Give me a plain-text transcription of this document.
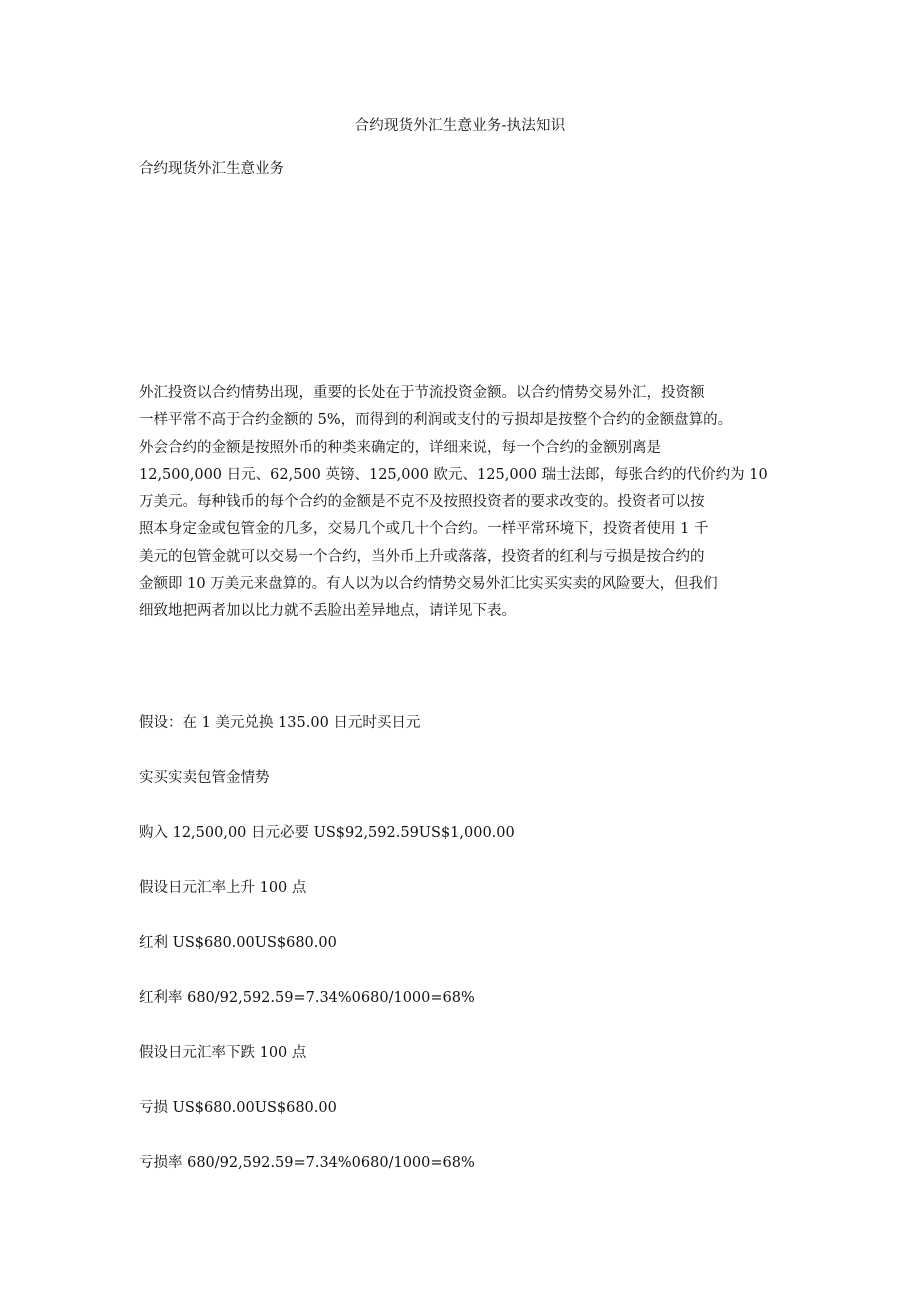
合约现货外汇生意业务-执法知识
合约现货外汇生意业务
外汇投资以合约情势出现，重要的长处在于节流投资金额。以合约情势交易外汇，投资额
一样平常不高于合约金额的 5%，而得到的利润或支付的亏损却是按整个合约的金额盘算的。
外会合约的金额是按照外币的种类来确定的，详细来说，每一个合约的金额别离是
12,500,000 日元、62,500 英镑、125,000 欧元、125,000 瑞士法郎，每张合约的代价约为 10
万美元。每种钱币的每个合约的金额是不克不及按照投资者的要求改变的。投资者可以按
照本身定金或包管金的几多，交易几个或几十个合约。一样平常环境下，投资者使用 1 千
美元的包管金就可以交易一个合约，当外币上升或落落，投资者的红利与亏损是按合约的
金额即 10 万美元来盘算的。有人以为以合约情势交易外汇比实买实卖的风险要大，但我们
细致地把两者加以比力就不丢脸出差异地点，请详见下表。
假设：在 1 美元兑换 135.00 日元时买日元
实买实卖包管金情势
购入 12,500,00 日元必要 US$92,592.59US$1,000.00
假设日元汇率上升 100 点
红利 US$680.00US$680.00
红利率 680/92,592.59=7.34%0680/1000=68%
假设日元汇率下跌 100 点
亏损 US$680.00US$680.00
亏损率 680/92,592.59=7.34%0680/1000=68%
